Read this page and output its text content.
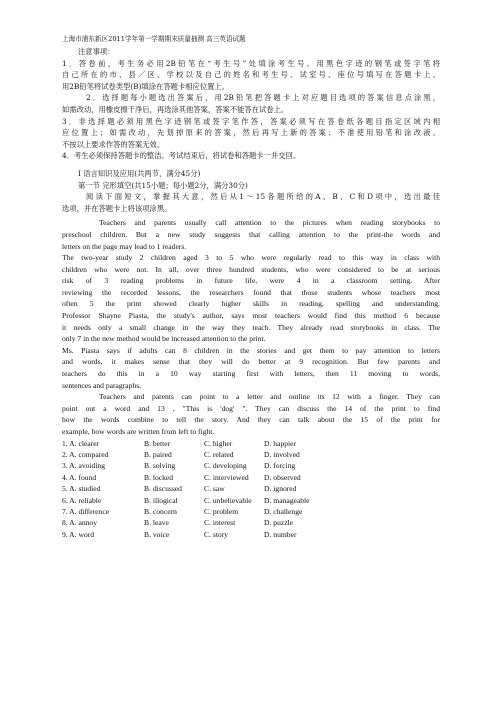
上海市浦东新区2011学年第一学期期末质量抽测 高三英语试题
注意事项：
1．答卷前，考生务必用2B铅笔在“考生号”处填涂考生号。用黑色字迹的钢笔或签字笔将
自己所在的市、县／区、学校以及自己的姓名和考生号、试室号、座位号填写在答题卡上。
用2B铅笔将试卷类型(B)填涂在答题卡相应位置上。
2．选择题每小题选出答案后，用2B铅笔把答题卡上对应题目选项的答案信息点涂黑，
如需改动，用橡皮擦干净后，再选涂其他答案，答案不能答在试卷上。
3．非选择题必须用黑色字迹钢笔或签字笔作答，答案必须写在答卷纸各题目指定区域内相
应位置上；如需改动，先划掉原来的答案，然后再写上新的答案；不准使用铅笔和涂改液。
不按以上要求作答的答案无效。
4．考生必须保持答题卡的整洁。考试结束后，将试卷和答题卡一并交回。
I 语言知识及应用(共两节，满分45分)
第一节 完形填空(共15小题；每小题2分，满分30分)
阅读下面短文，掌握其大意，然后从1～15各题所给的A、B、C和D项中，选出最佳
选项，并在答题卡上将该项涂黑。
Teachers and parents usually call attention to the pictures when reading storybooks to
preschool children. But a new study suggests that calling attention to the print-the words and
letters on the page may lead to 1 readers.
The two-year study 2 children aged 3 to 5 who were regularly read to this way in class with
children who were not. In all, over three hundred students, who were considered to be at serious
risk of 3 reading problems in future life, were 4 in a classroom setting. After
reviewing the recorded lessons, the researchers found that those students whose teachers most
often 5 the print showed clearly higher skills in reading, spelling and understanding.
Professor Shayne Piasta, the study's author, says most teachers would find this method 6 because
it needs only a small change in the way they teach. They already read storybooks in class. The
only 7 in the new method would be increased attention to the print.
Ms. Piasta says if adults can 8 children in the stories and get them to pay attention to letters
and words, it makes sense that they will do better at 9 recognition. But few parents and
teachers do this in a 10 way starting first with letters, then 11 moving to words,
sentences and paragraphs.
Teachers and parents can point to a letter and outline its 12 with a finger. They can
point out a word and 13 , "This is 'dog' ". They can discuss the 14 of the print to find
how the words combine to tell the story. And they can talk about the 15 of the print for
example, how words are written from left to fight.
1. A. clearer	B. better	C. higher	D. happier
2. A. compared	B. paired	C. related	D. involved
3. A. avoiding	B. solving	C. developing	D. forcing
4. A. found	B. locked	C. interviewed	D. observed
5. A. studied	B. discussed	C. saw	D. ignored
6. A. reliable	B. illogical	C. unbelievable	D. manageable
7. A. difference	B. concern	C. problem	D. challenge
8. A. annoy	B. leave	C. interest	D. puzzle
9. A. word	B. voice	C. story	D. number
